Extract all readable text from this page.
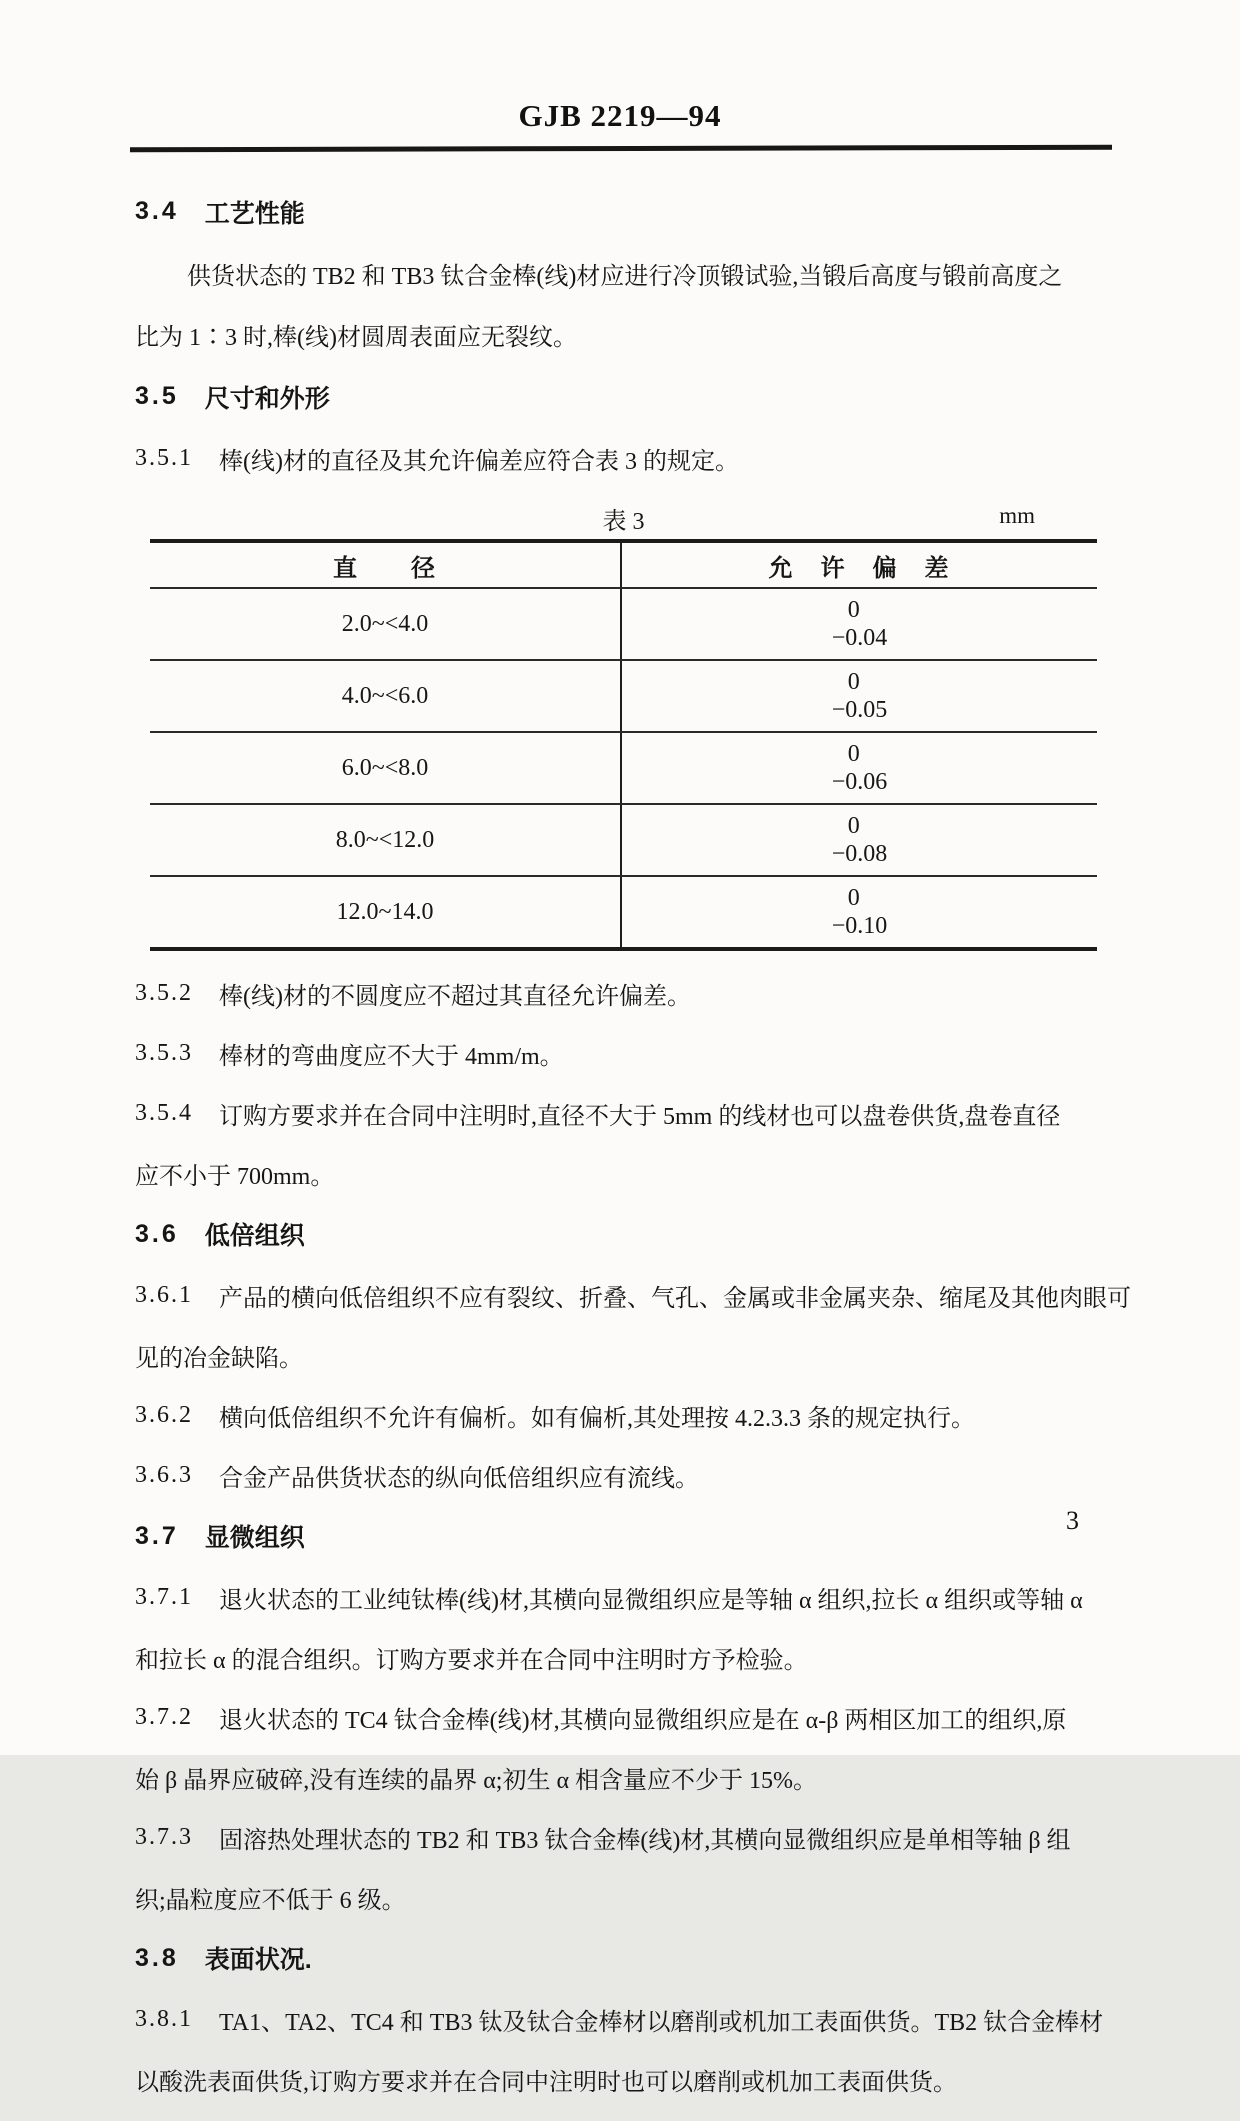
GJB 2219—94

3.4 工艺性能

供货状态的 TB2 和 TB3 钛合金棒(线)材应进行冷顶锻试验,当锻后高度与锻前高度之

比为 1∶3 时,棒(线)材圆周表面应无裂纹。

3.5 尺寸和外形

3.5.1 棒(线)材的直径及其允许偏差应符合表 3 的规定。

表 3	mm
直　　径	允　许　偏　差
2.0~<4.0
0
−0.04
4.0~<6.0
0
−0.05
6.0~<8.0
0
−0.06
8.0~<12.0
0
−0.08
12.0~14.0
0
−0.10

3.5.2 棒(线)材的不圆度应不超过其直径允许偏差。

3.5.3 棒材的弯曲度应不大于 4mm/m。

3.5.4 订购方要求并在合同中注明时,直径不大于 5mm 的线材也可以盘卷供货,盘卷直径

应不小于 700mm。

3.6 低倍组织

3.6.1 产品的横向低倍组织不应有裂纹、折叠、气孔、金属或非金属夹杂、缩尾及其他肉眼可

见的冶金缺陷。

3.6.2 横向低倍组织不允许有偏析。如有偏析,其处理按 4.2.3.3 条的规定执行。

3.6.3 合金产品供货状态的纵向低倍组织应有流线。

3.7 显微组织

3.7.1 退火状态的工业纯钛棒(线)材,其横向显微组织应是等轴 α 组织,拉长 α 组织或等轴 α

和拉长 α 的混合组织。订购方要求并在合同中注明时方予检验。

3.7.2 退火状态的 TC4 钛合金棒(线)材,其横向显微组织应是在 α-β 两相区加工的组织,原

始 β 晶界应破碎,没有连续的晶界 α;初生 α 相含量应不少于 15%。

3.7.3 固溶热处理状态的 TB2 和 TB3 钛合金棒(线)材,其横向显微组织应是单相等轴 β 组

织;晶粒度应不低于 6 级。

3.8 表面状况.

3.8.1 TA1、TA2、TC4 和 TB3 钛及钛合金棒材以磨削或机加工表面供货。TB2 钛合金棒材

以酸洗表面供货,订购方要求并在合同中注明时也可以磨削或机加工表面供货。

3
